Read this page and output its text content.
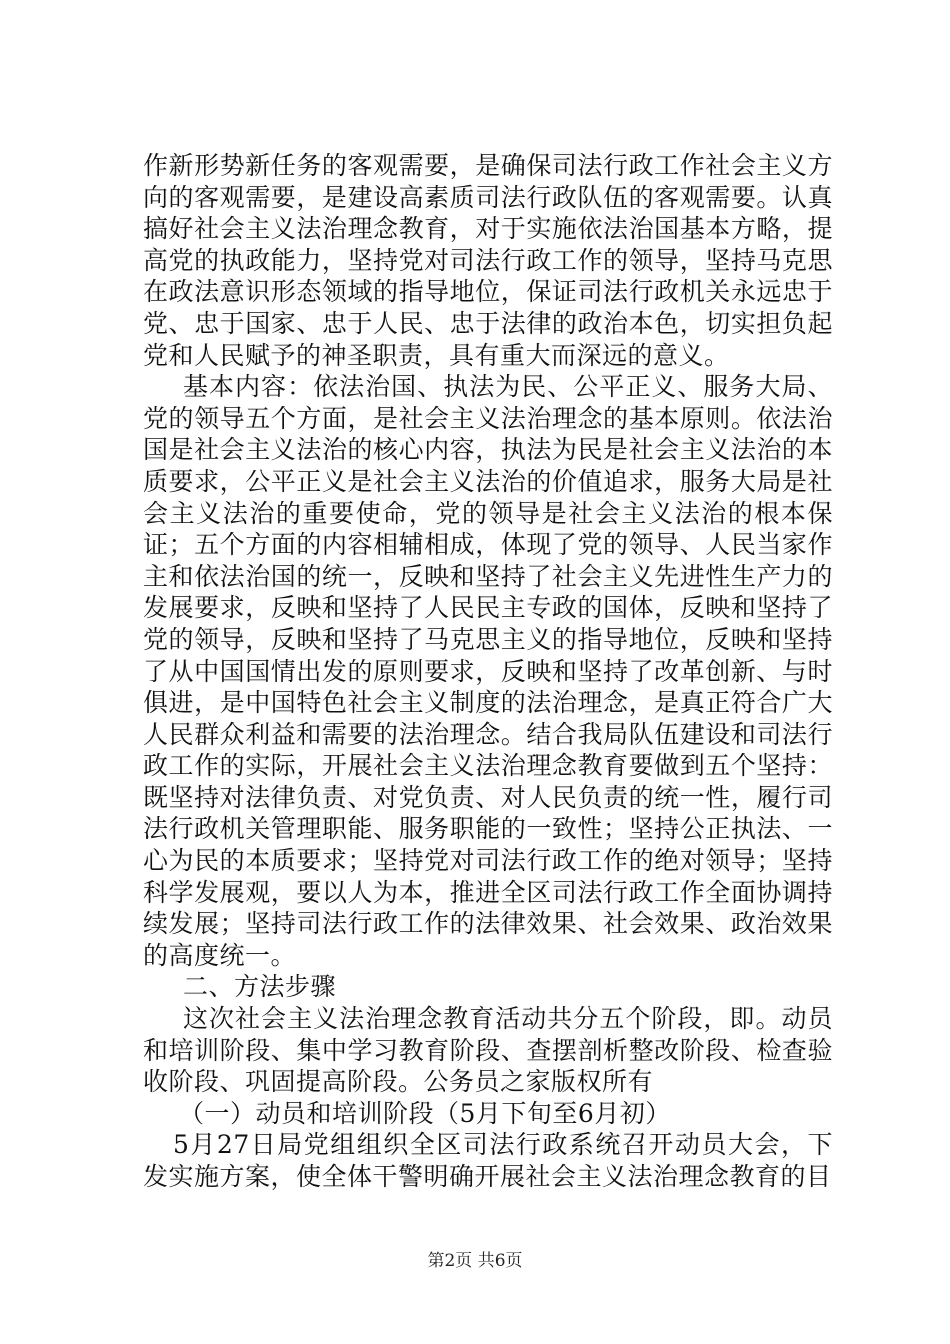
作新形势新任务的客观需要，是确保司法行政工作社会主义方向的客观需要，是建设高素质司法行政队伍的客观需要。认真搞好社会主义法治理念教育，对于实施依法治国基本方略，提高党的执政能力，坚持党对司法行政工作的领导，坚持马克思在政法意识形态领域的指导地位，保证司法行政机关永远忠于党、忠于国家、忠于人民、忠于法律的政治本色，切实担负起党和人民赋予的神圣职责，具有重大而深远的意义。

基本内容：依法治国、执法为民、公平正义、服务大局、党的领导五个方面，是社会主义法治理念的基本原则。依法治国是社会主义法治的核心内容，执法为民是社会主义法治的本质要求，公平正义是社会主义法治的价值追求，服务大局是社会主义法治的重要使命，党的领导是社会主义法治的根本保证；五个方面的内容相辅相成，体现了党的领导、人民当家作主和依法治国的统一，反映和坚持了社会主义先进性生产力的发展要求，反映和坚持了人民民主专政的国体，反映和坚持了党的领导，反映和坚持了马克思主义的指导地位，反映和坚持了从中国国情出发的原则要求，反映和坚持了改革创新、与时俱进，是中国特色社会主义制度的法治理念，是真正符合广大人民群众利益和需要的法治理念。结合我局队伍建设和司法行政工作的实际，开展社会主义法治理念教育要做到五个坚持：既坚持对法律负责、对党负责、对人民负责的统一性，履行司法行政机关管理职能、服务职能的一致性；坚持公正执法、一心为民的本质要求；坚持党对司法行政工作的绝对领导；坚持科学发展观，要以人为本，推进全区司法行政工作全面协调持续发展；坚持司法行政工作的法律效果、社会效果、政治效果的高度统一。

二、方法步骤

这次社会主义法治理念教育活动共分五个阶段，即。动员和培训阶段、集中学习教育阶段、查摆剖析整改阶段、检查验收阶段、巩固提高阶段。公务员之家版权所有

（一）动员和培训阶段（5月下旬至6月初）

5月27日局党组组织全区司法行政系统召开动员大会，下发实施方案，使全体干警明确开展社会主义法治理念教育的目

第2页 共6页
